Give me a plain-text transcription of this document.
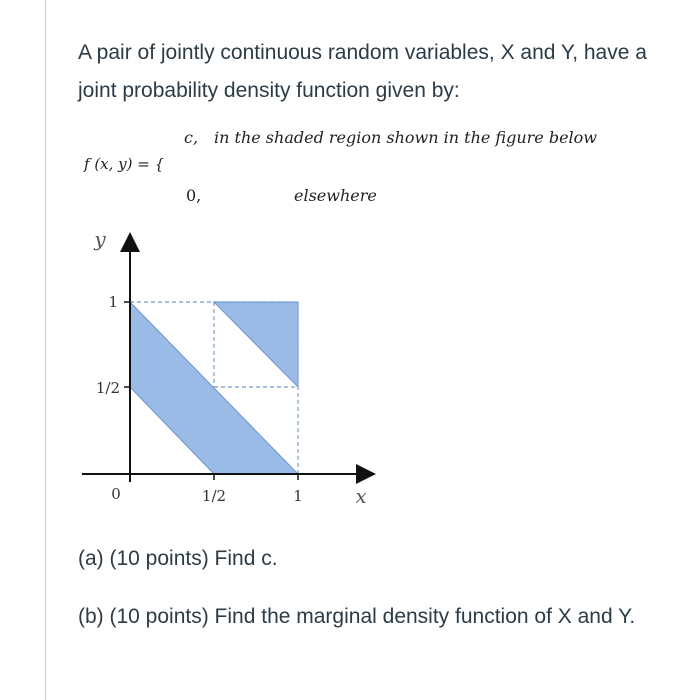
A pair of jointly continuous random variables, X and Y, have a joint probability density function given by:

f (x, y) = {
c, in the shaded region shown in the figure below
0,	elsewhere
1
1/2
0	1/2	1
y
x

(a) (10 points) Find c.

(b) (10 points) Find the marginal density function of X and Y.
